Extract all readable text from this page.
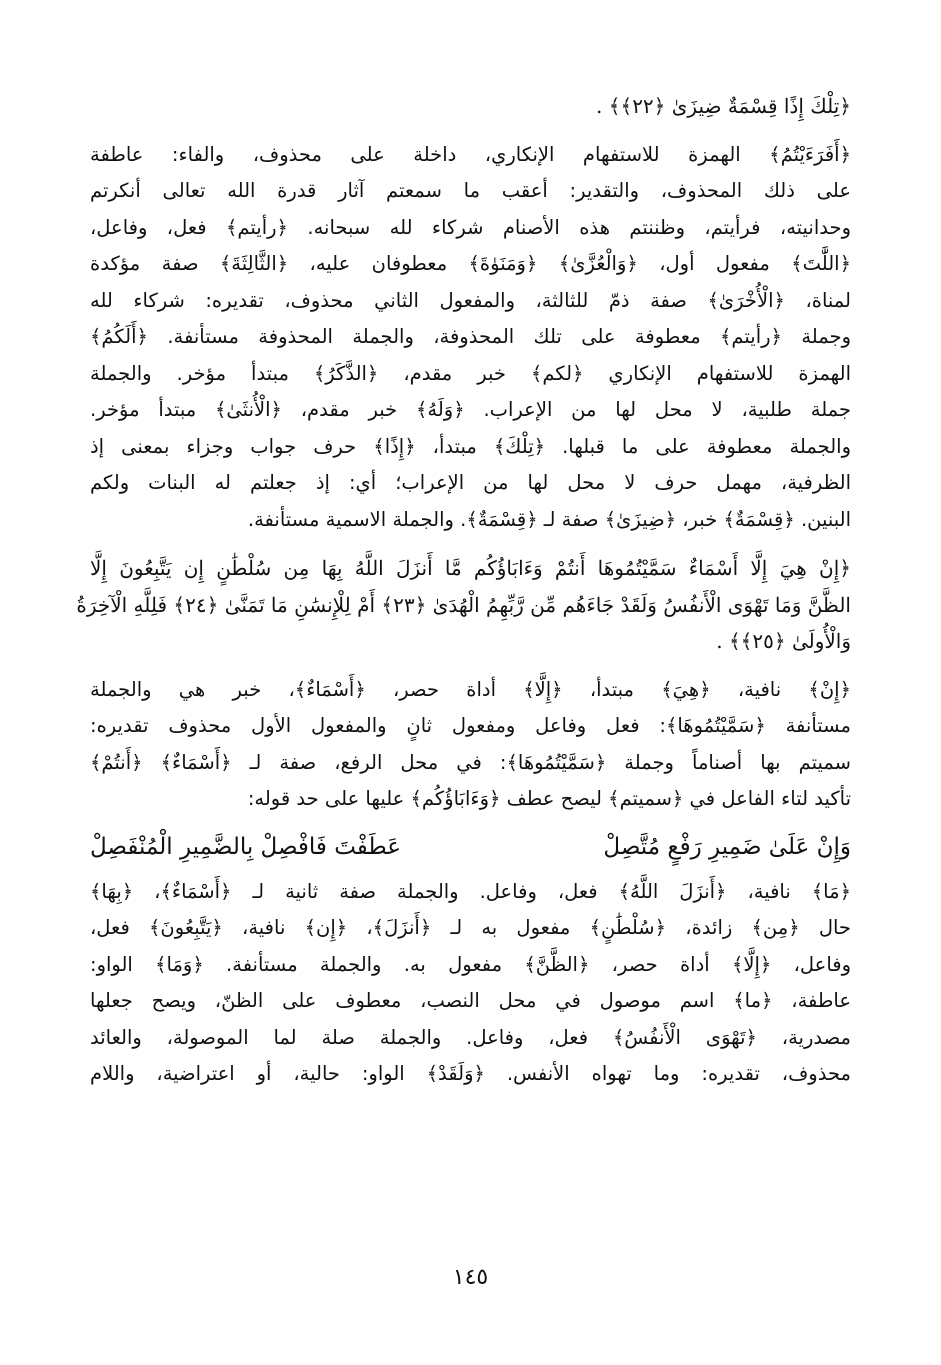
﴿تِلْكَ إِذًا قِسْمَةٌ ضِيزَىٰ ﴿٢٢﴾﴾ .
﴿أَفَرَءَيْتُمُ﴾ الهمزة للاستفهام الإنكاري، داخلة على محذوف، والفاء: عاطفة
على ذلك المحذوف، والتقدير: أعقب ما سمعتم آثار قدرة الله تعالى أنكرتم
وحدانيته، فرأيتم، وظننتم هذه الأصنام شركاء لله سبحانه. ﴿رأيتم﴾ فعل، وفاعل،
﴿اللَّٰتَ﴾ مفعول أول، ﴿وَالْعُزَّىٰ﴾ ﴿وَمَنَوٰةَ﴾ معطوفان عليه، ﴿الثَّالِثَةَ﴾ صفة مؤكدة
لمناة، ﴿الْأُخْرَىٰ﴾ صفة ذمّ للثالثة، والمفعول الثاني محذوف، تقديره: شركاء لله
وجملة ﴿رأيتم﴾ معطوفة على تلك المحذوفة، والجملة المحذوفة مستأنفة. ﴿أَلَكُمُ﴾
الهمزة للاستفهام الإنكاري ﴿لكم﴾ خبر مقدم، ﴿الذَّكَرُ﴾ مبتدأ مؤخر. والجملة
جملة طلبية، لا محل لها من الإعراب. ﴿وَلَهُ﴾ خبر مقدم، ﴿الْأُنثَىٰ﴾ مبتدأ مؤخر.
والجملة معطوفة على ما قبلها. ﴿تِلْكَ﴾ مبتدأ، ﴿إِذًا﴾ حرف جواب وجزاء بمعنى إذ
الظرفية، مهمل حرف لا محل لها من الإعراب؛ أي: إذ جعلتم له البنات ولكم
البنين. ﴿قِسْمَةٌ﴾ خبر، ﴿ضِيزَىٰ﴾ صفة لـ ﴿قِسْمَةٌ﴾. والجملة الاسمية مستأنفة.
﴿إِنْ هِيَ إِلَّا أَسْمَاءٌ سَمَّيْتُمُوهَا أَنتُمْ وَءَابَاؤُكُم مَّا أَنزَلَ اللَّهُ بِهَا مِن سُلْطَٰنٍ إِن يَتَّبِعُونَ إِلَّا
الظَّنَّ وَمَا تَهْوَى الْأَنفُسُ وَلَقَدْ جَاءَهُم مِّن رَّبِّهِمُ الْهُدَىٰ ﴿٢٣﴾ أَمْ لِلْإِنسَٰنِ مَا تَمَنَّىٰ ﴿٢٤﴾ فَلِلَّهِ الْآخِرَةُ
وَالْأُولَىٰ ﴿٢٥﴾﴾ .
﴿إِنْ﴾ نافية، ﴿هِيَ﴾ مبتدأ، ﴿إِلَّا﴾ أداة حصر، ﴿أَسْمَاءٌ﴾، خبر هي والجملة
مستأنفة ﴿سَمَّيْتُمُوهَا﴾: فعل وفاعل ومفعول ثانٍ والمفعول الأول محذوف تقديره:
سميتم بها أصناماً وجملة ﴿سَمَّيْتُمُوهَا﴾: في محل الرفع، صفة لـ ﴿أَسْمَاءٌ﴾ ﴿أَنتُمْ﴾
تأكيد لتاء الفاعل في ﴿سميتم﴾ ليصح عطف ﴿وَءَابَاؤُكُم﴾ عليها على حد قوله:
وَإِنْ عَلَىٰ ضَمِيرِ رَفْعٍ مُتَّصِلْ
عَطَفْتَ فَافْصِلْ بِالضَّمِيرِ الْمُنْفَصِلْ
﴿مَا﴾ نافية، ﴿أَنزَلَ اللَّهُ﴾ فعل، وفاعل. والجملة صفة ثانية لـ ﴿أَسْمَاءٌ﴾، ﴿بِهَا﴾
حال ﴿مِن﴾ زائدة، ﴿سُلْطَٰنٍ﴾ مفعول به لـ ﴿أَنزَلَ﴾، ﴿إِن﴾ نافية، ﴿يَتَّبِعُونَ﴾ فعل،
وفاعل، ﴿إِلَّا﴾ أداة حصر، ﴿الظَّنَّ﴾ مفعول به. والجملة مستأنفة. ﴿وَمَا﴾ الواو:
عاطفة، ﴿ما﴾ اسم موصول في محل النصب، معطوف على الظنّ، ويصح جعلها
مصدرية، ﴿تَهْوَى الْأَنفُسُ﴾ فعل، وفاعل. والجملة صلة لما الموصولة، والعائد
محذوف، تقديره: وما تهواه الأنفس. ﴿وَلَقَدْ﴾ الواو: حالية، أو اعتراضية، واللام
١٤٥
